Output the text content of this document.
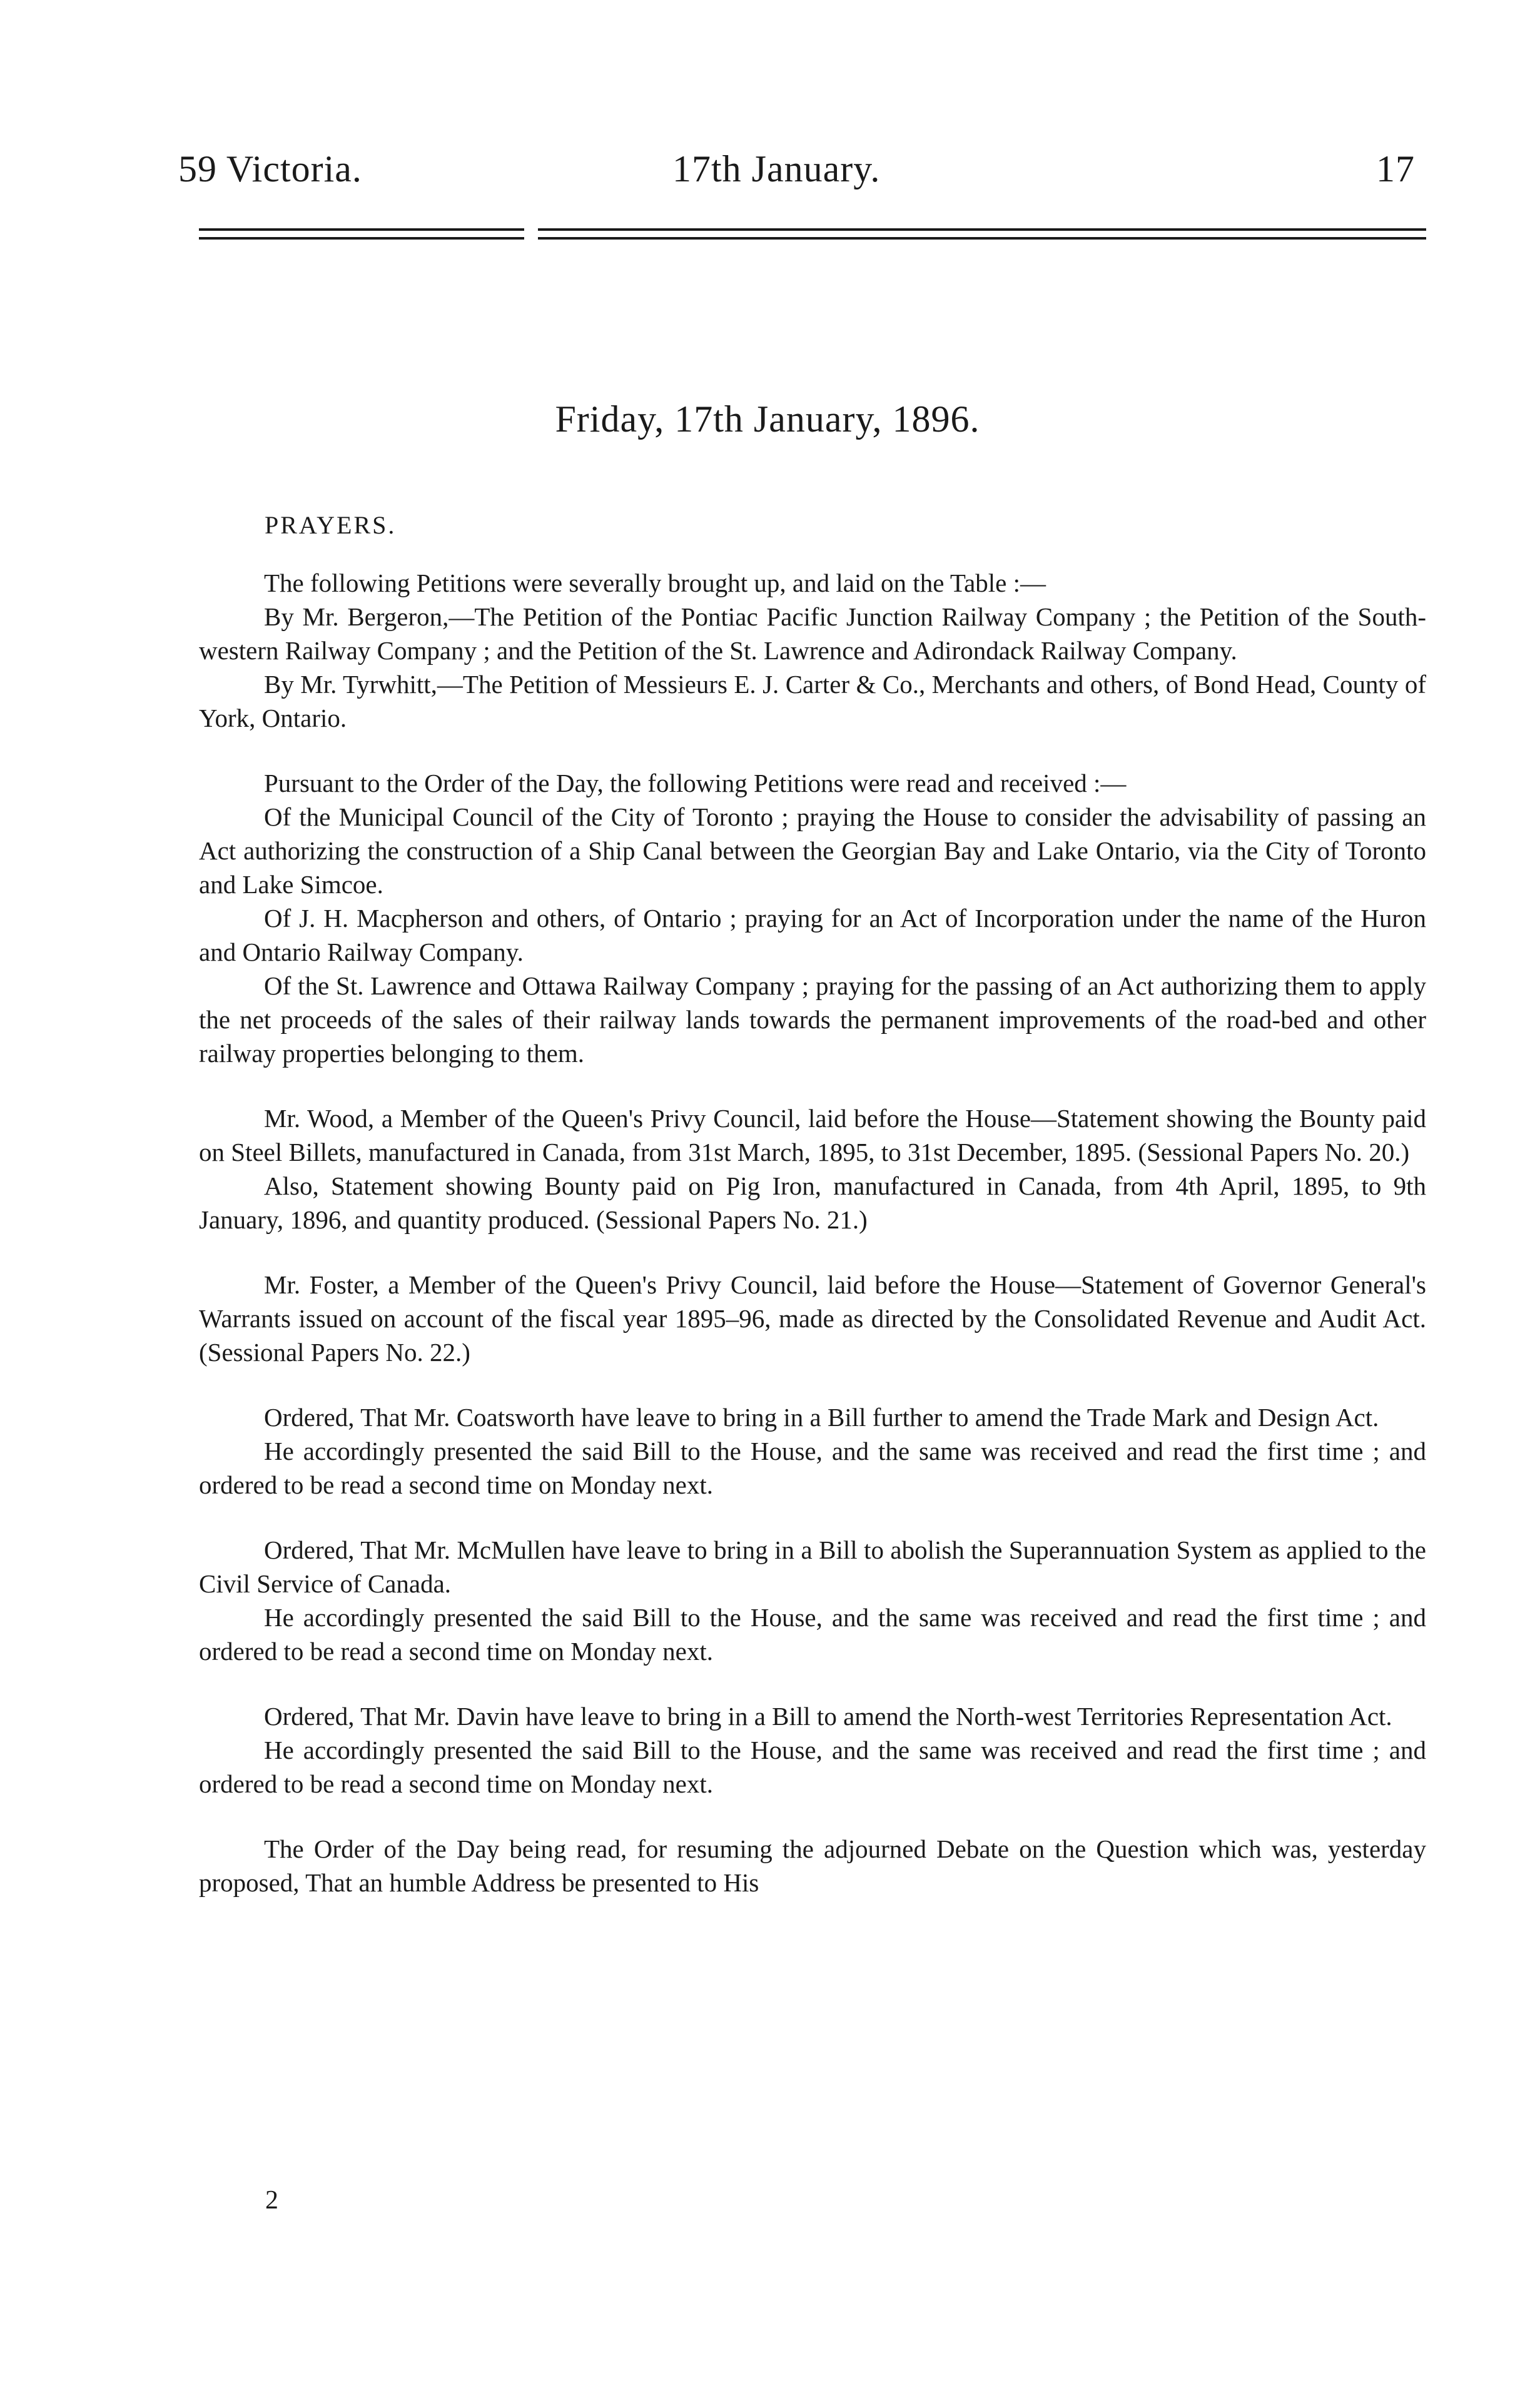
59 Victoria.	17th January.	17
Friday, 17th January, 1896.
PRAYERS.

The following Petitions were severally brought up, and laid on the Table :—

By Mr. Bergeron,—The Petition of the Pontiac Pacific Junction Railway Company ; the Petition of the South-western Railway Company ; and the Petition of the St. Lawrence and Adirondack Railway Company.

By Mr. Tyrwhitt,—The Petition of Messieurs E. J. Carter & Co., Merchants and others, of Bond Head, County of York, Ontario.

Pursuant to the Order of the Day, the following Petitions were read and received :—

Of the Municipal Council of the City of Toronto ; praying the House to consider the advisability of passing an Act authorizing the construction of a Ship Canal between the Georgian Bay and Lake Ontario, via the City of Toronto and Lake Simcoe.

Of J. H. Macpherson and others, of Ontario ; praying for an Act of Incorporation under the name of the Huron and Ontario Railway Company.

Of the St. Lawrence and Ottawa Railway Company ; praying for the passing of an Act authorizing them to apply the net proceeds of the sales of their railway lands towards the permanent improvements of the road-bed and other railway properties belonging to them.

Mr. Wood, a Member of the Queen's Privy Council, laid before the House—Statement showing the Bounty paid on Steel Billets, manufactured in Canada, from 31st March, 1895, to 31st December, 1895. (Sessional Papers No. 20.)

Also, Statement showing Bounty paid on Pig Iron, manufactured in Canada, from 4th April, 1895, to 9th January, 1896, and quantity produced. (Sessional Papers No. 21.)

Mr. Foster, a Member of the Queen's Privy Council, laid before the House—Statement of Governor General's Warrants issued on account of the fiscal year 1895–96, made as directed by the Consolidated Revenue and Audit Act. (Sessional Papers No. 22.)

Ordered, That Mr. Coatsworth have leave to bring in a Bill further to amend the Trade Mark and Design Act.

He accordingly presented the said Bill to the House, and the same was received and read the first time ; and ordered to be read a second time on Monday next.

Ordered, That Mr. McMullen have leave to bring in a Bill to abolish the Superannuation System as applied to the Civil Service of Canada.

He accordingly presented the said Bill to the House, and the same was received and read the first time ; and ordered to be read a second time on Monday next.

Ordered, That Mr. Davin have leave to bring in a Bill to amend the North-west Territories Representation Act.

He accordingly presented the said Bill to the House, and the same was received and read the first time ; and ordered to be read a second time on Monday next.

The Order of the Day being read, for resuming the adjourned Debate on the Question which was, yesterday proposed, That an humble Address be presented to His

2
